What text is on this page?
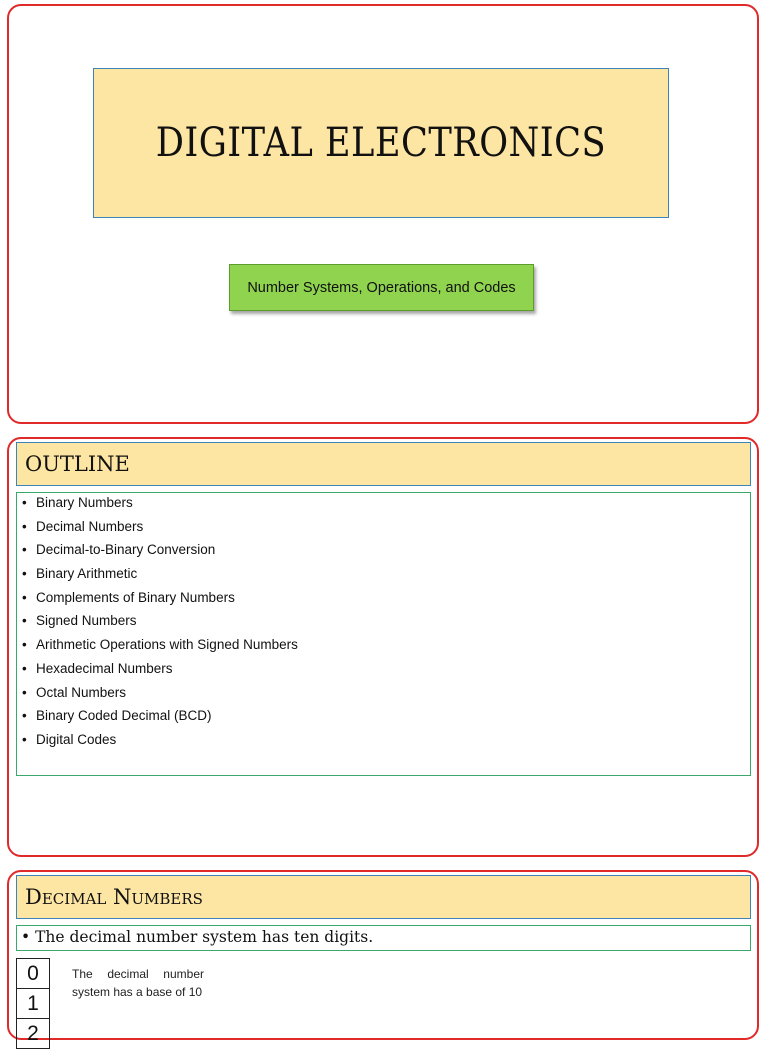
DIGITAL ELECTRONICS
Number Systems, Operations, and Codes
OUTLINE
• Binary Numbers
• Decimal Numbers
• Decimal-to-Binary Conversion
• Binary Arithmetic
• Complements of Binary Numbers
• Signed Numbers
• Arithmetic Operations with Signed Numbers
• Hexadecimal Numbers
• Octal Numbers
• Binary Coded Decimal (BCD)
• Digital Codes
Decimal Numbers
• The decimal number system has ten digits.
0
1
2
The decimal number system has a base of 10
